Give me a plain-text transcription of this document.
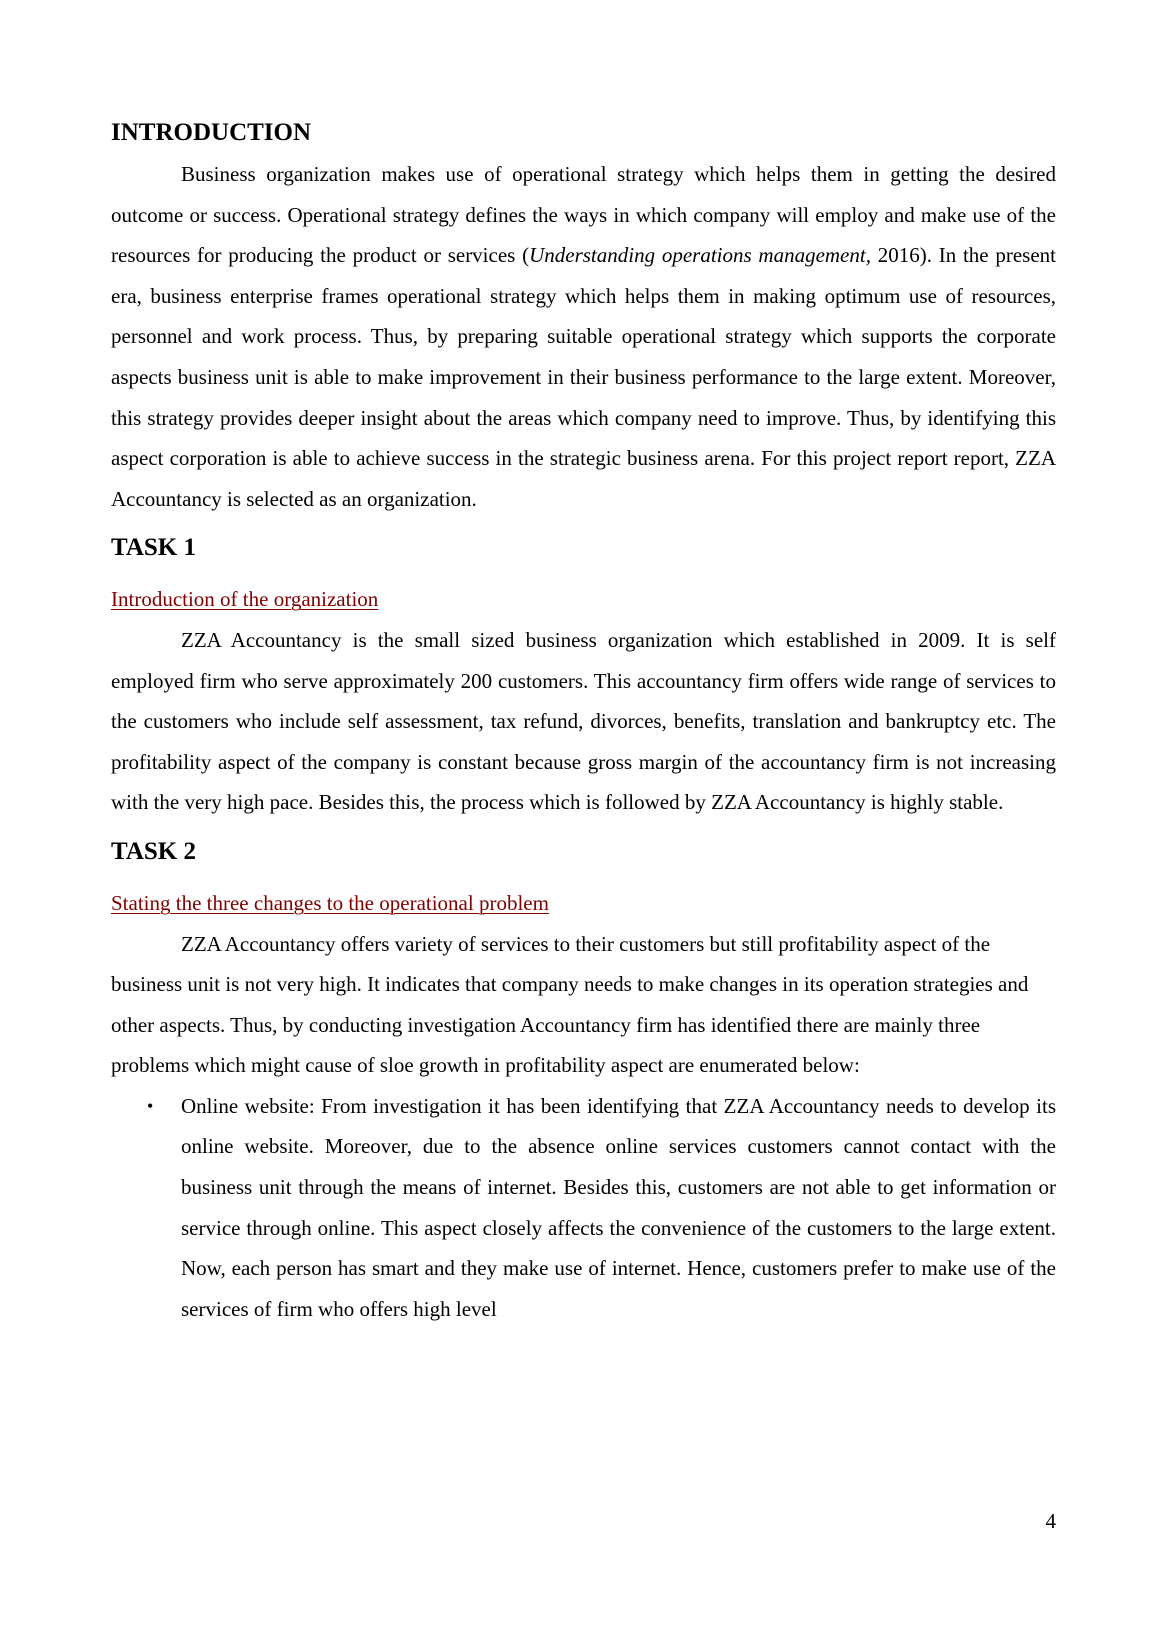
INTRODUCTION

Business organization makes use of operational strategy which helps them in getting the desired outcome or success. Operational strategy defines the ways in which company will employ and make use of the resources for producing the product or services (Understanding operations management, 2016). In the present era, business enterprise frames operational strategy which helps them in making optimum use of resources, personnel and work process. Thus, by preparing suitable operational strategy which supports the corporate aspects business unit is able to make improvement in their business performance to the large extent. Moreover, this strategy provides deeper insight about the areas which company need to improve. Thus, by identifying this aspect corporation is able to achieve success in the strategic business arena. For this project report report, ZZA Accountancy is selected as an organization.

TASK 1

Introduction of the organization

ZZA Accountancy is the small sized business organization which established in 2009. It is self employed firm who serve approximately 200 customers. This accountancy firm offers wide range of services to the customers who include self assessment, tax refund, divorces, benefits, translation and bankruptcy etc. The profitability aspect of the company is constant because gross margin of the accountancy firm is not increasing with the very high pace. Besides this, the process which is followed by ZZA Accountancy is highly stable.

TASK 2

Stating the three changes to the operational problem

ZZA Accountancy offers variety of services to their customers but still profitability aspect of the business unit is not very high. It indicates that company needs to make changes in its operation strategies and other aspects. Thus, by conducting investigation Accountancy firm has identified there are mainly three problems which might cause of sloe growth in profitability aspect are enumerated below:

• Online website: From investigation it has been identifying that ZZA Accountancy needs to develop its online website. Moreover, due to the absence online services customers cannot contact with the business unit through the means of internet. Besides this, customers are not able to get information or service through online. This aspect closely affects the convenience of the customers to the large extent. Now, each person has smart and they make use of internet. Hence, customers prefer to make use of the services of firm who offers high level
4
